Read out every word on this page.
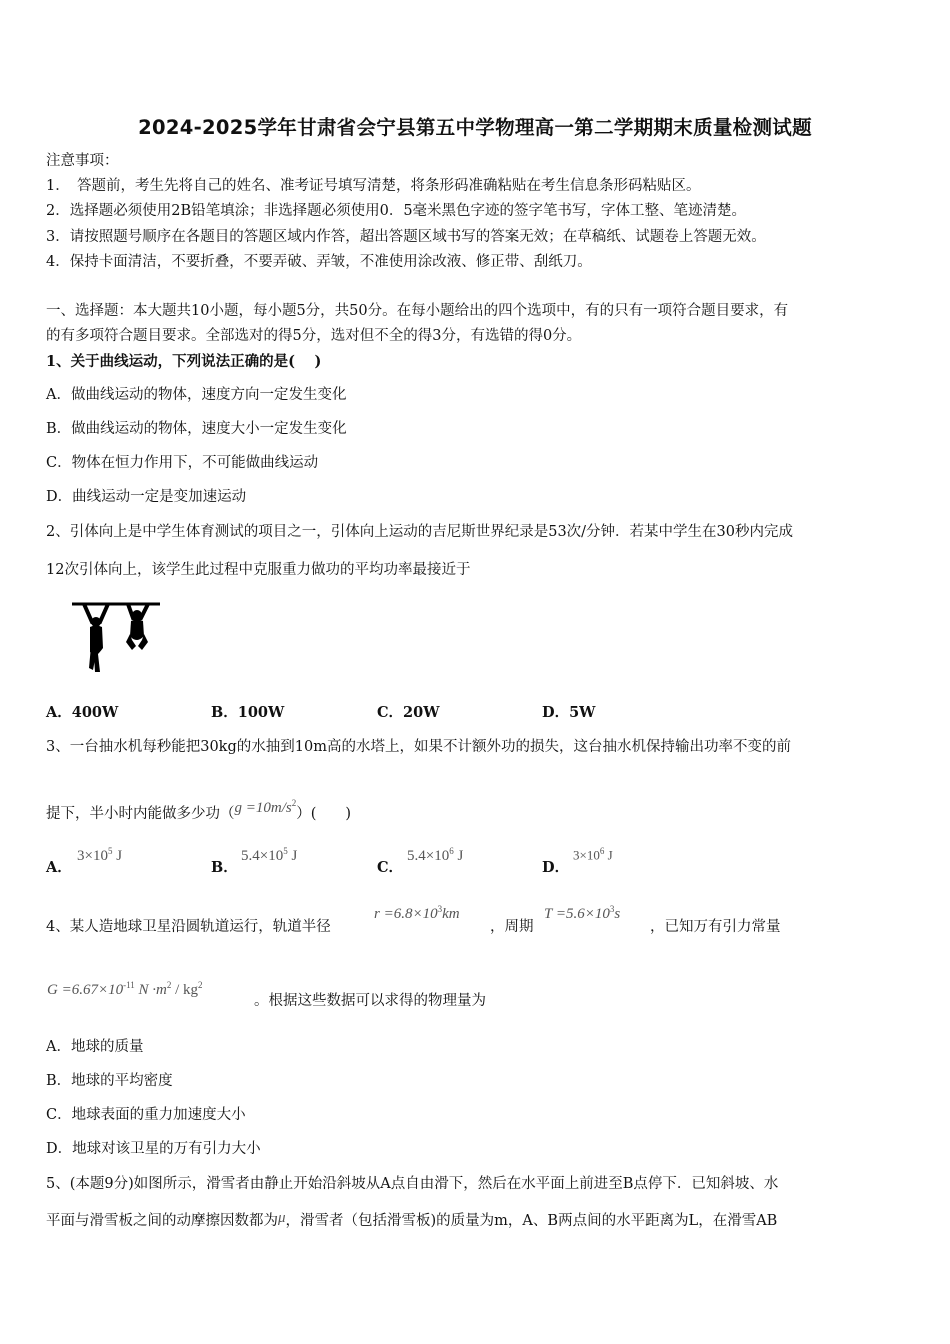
2024-2025学年甘肃省会宁县第五中学物理高一第二学期期末质量检测试题
注意事项：
1．　答题前，考生先将自己的姓名、准考证号填写清楚，将条形码准确粘贴在考生信息条形码粘贴区。
2．选择题必须使用2B铅笔填涂；非选择题必须使用0．5毫米黑色字迹的签字笔书写，字体工整、笔迹清楚。
3．请按照题号顺序在各题目的答题区域内作答，超出答题区域书写的答案无效；在草稿纸、试题卷上答题无效。
4．保持卡面清洁，不要折叠，不要弄破、弄皱，不准使用涂改液、修正带、刮纸刀。
一、选择题：本大题共10小题，每小题5分，共50分。在每小题给出的四个选项中，有的只有一项符合题目要求，有
的有多项符合题目要求。全部选对的得5分，选对但不全的得3分，有选错的得0分。
1、关于曲线运动，下列说法正确的是(　 )
A．做曲线运动的物体，速度方向一定发生变化
B．做曲线运动的物体，速度大小一定发生变化
C．物体在恒力作用下，不可能做曲线运动
D．曲线运动一定是变加速运动
2、引体向上是中学生体育测试的项目之一，引体向上运动的吉尼斯世界纪录是53次/分钟．若某中学生在30秒内完成
12次引体向上，该学生此过程中克服重力做功的平均功率最接近于
A．400W	B．100W	C．20W	D．5W
3、一台抽水机每秒能把30kg的水抽到10m高的水塔上，如果不计额外功的损失，这台抽水机保持输出功率不变的前
提下，半小时内能做多少功$(g =10m/s^2)$(　　)
A．
$3\times 10^5$ J
B．
$5.4\times 10^5$ J
C．
$5.4\times 10^6$ J
D．
$3\times 10^6$ J
4、某人造地球卫星沿圆轨道运行，轨道半径
$r =6.8\times 10^3km$
，周期
$T =5.6\times 10^3s$
，已知万有引力常量
$G =6.67\times 10^{-11}$ $N \cdot m^2 / kg^2$
。根据这些数据可以求得的物理量为
A．地球的质量
B．地球的平均密度
C．地球表面的重力加速度大小
D．地球对该卫星的万有引力大小
5、(本题9分)如图所示，滑雪者由静止开始沿斜坡从A点自由滑下，然后在水平面上前进至B点停下．已知斜坡、水
平面与滑雪板之间的动摩擦因数都为μ，滑雪者（包括滑雪板)的质量为m，A、B两点间的水平距离为L，在滑雪AB
